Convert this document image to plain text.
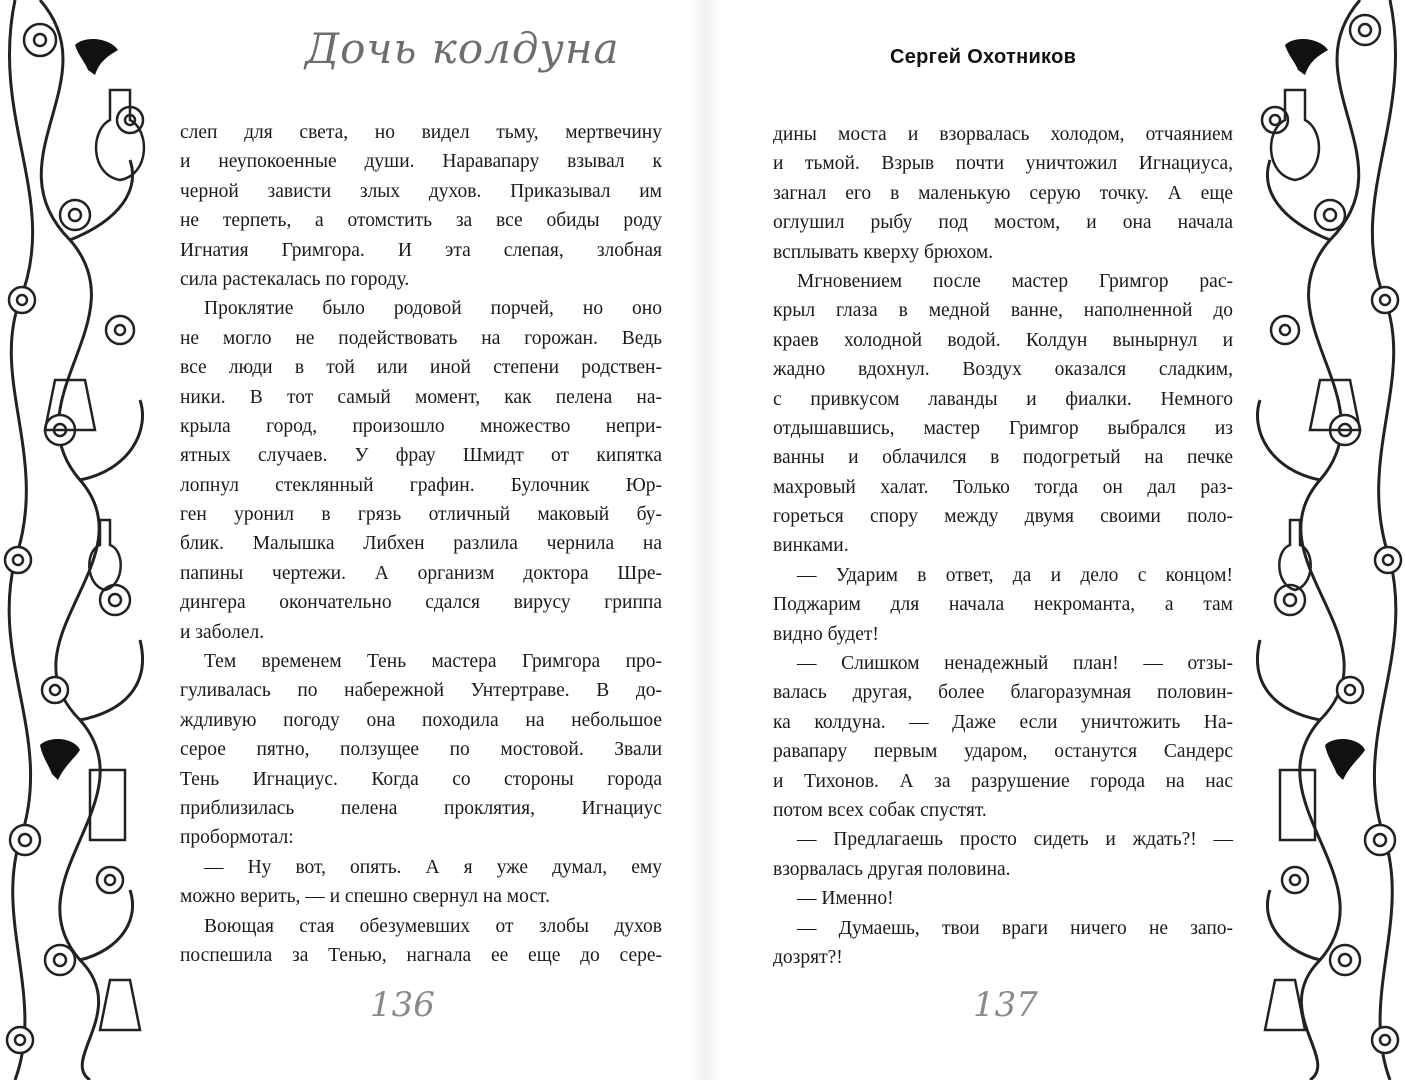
Дочь колдуна
слеп для света, но видел тьму, мертвечину
и неупокоенные души. Наравапару взывал к
черной зависти злых духов. Приказывал им
не терпеть, а отомстить за все обиды роду
Игнатия Гримгора. И эта слепая, злобная
сила растекалась по городу.
Проклятие было родовой порчей, но оно
не могло не подействовать на горожан. Ведь
все люди в той или иной степени родствен-
ники. В тот самый момент, как пелена на-
крыла город, произошло множество непри-
ятных случаев. У фрау Шмидт от кипятка
лопнул стеклянный графин. Булочник Юр-
ген уронил в грязь отличный маковый бу-
блик. Малышка Либхен разлила чернила на
папины чертежи. А организм доктора Шре-
дингера окончательно сдался вирусу гриппа
и заболел.
Тем временем Тень мастера Гримгора про-
гуливалась по набережной Унтертраве. В до-
ждливую погоду она походила на небольшое
серое пятно, ползущее по мостовой. Звали
Тень Игнациус. Когда со стороны города
приблизилась пелена проклятия, Игнациус
пробормотал:
— Ну вот, опять. А я уже думал, ему
можно верить, — и спешно свернул на мост.
Воющая стая обезумевших от злобы духов
поспешила за Тенью, нагнала ее еще до сере-
136
Сергей Охотников
дины моста и взорвалась холодом, отчаянием
и тьмой. Взрыв почти уничтожил Игнациуса,
загнал его в маленькую серую точку. А еще
оглушил рыбу под мостом, и она начала
всплывать кверху брюхом.
Мгновением после мастер Гримгор рас-
крыл глаза в медной ванне, наполненной до
краев холодной водой. Колдун вынырнул и
жадно вдохнул. Воздух оказался сладким,
с привкусом лаванды и фиалки. Немного
отдышавшись, мастер Гримгор выбрался из
ванны и облачился в подогретый на печке
махровый халат. Только тогда он дал раз-
гореться спору между двумя своими поло-
винками.
— Ударим в ответ, да и дело с концом!
Поджарим для начала некроманта, а там
видно будет!
— Слишком ненадежный план! — отзы-
валась другая, более благоразумная половин-
ка колдуна. — Даже если уничтожить На-
равапару первым ударом, останутся Сандерс
и Тихонов. А за разрушение города на нас
потом всех собак спустят.
— Предлагаешь просто сидеть и ждать?! —
взорвалась другая половина.
— Именно!
— Думаешь, твои враги ничего не запо-
дозрят?!
137
